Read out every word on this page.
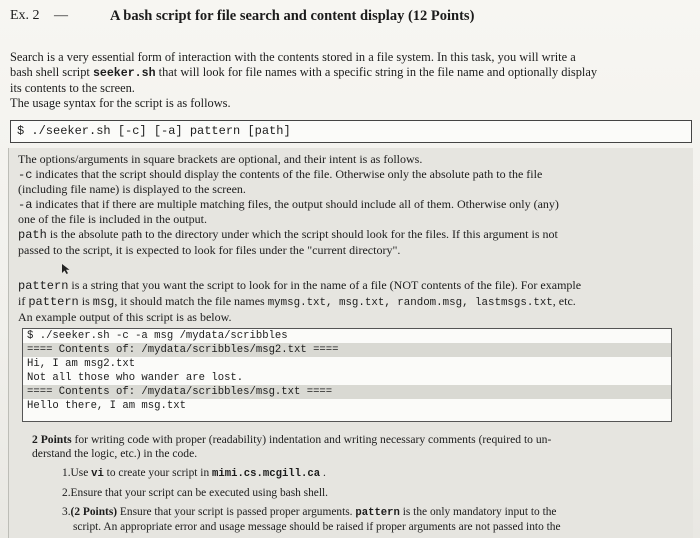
Ex. 2 —	A bash script for file search and content display (12 Points)
Search is a very essential form of interaction with the contents stored in a file system. In this task, you will write a
bash shell script seeker.sh that will look for file names with a specific string in the file name and optionally display
its contents to the screen.
The usage syntax for the script is as follows.
$ ./seeker.sh [-c] [-a] pattern [path]
The options/arguments in square brackets are optional, and their intent is as follows.
-c indicates that the script should display the contents of the file. Otherwise only the absolute path to the file
(including file name) is displayed to the screen.
-a indicates that if there are multiple matching files, the output should include all of them. Otherwise only (any)
one of the file is included in the output.
path is the absolute path to the directory under which the script should look for the files. If this argument is not
passed to the script, it is expected to look for files under the "current directory".
pattern is a string that you want the script to look for in the name of a file (NOT contents of the file). For example
if pattern is msg, it should match the file names mymsg.txt, msg.txt, random.msg, lastmsgs.txt, etc.
An example output of this script is as below.
$ ./seeker.sh -c -a msg /mydata/scribbles
==== Contents of: /mydata/scribbles/msg2.txt ====
Hi, I am msg2.txt
Not all those who wander are lost.
==== Contents of: /mydata/scribbles/msg.txt ====
Hello there, I am msg.txt
2 Points for writing code with proper (readability) indentation and writing necessary comments (required to un-
derstand the logic, etc.) in the code.
1.Use vi to create your script in mimi.cs.mcgill.ca .
2.Ensure that your script can be executed using bash shell.
3.(2 Points) Ensure that your script is passed proper arguments. pattern is the only mandatory input to the
script. An appropriate error and usage message should be raised if proper arguments are not passed into the
